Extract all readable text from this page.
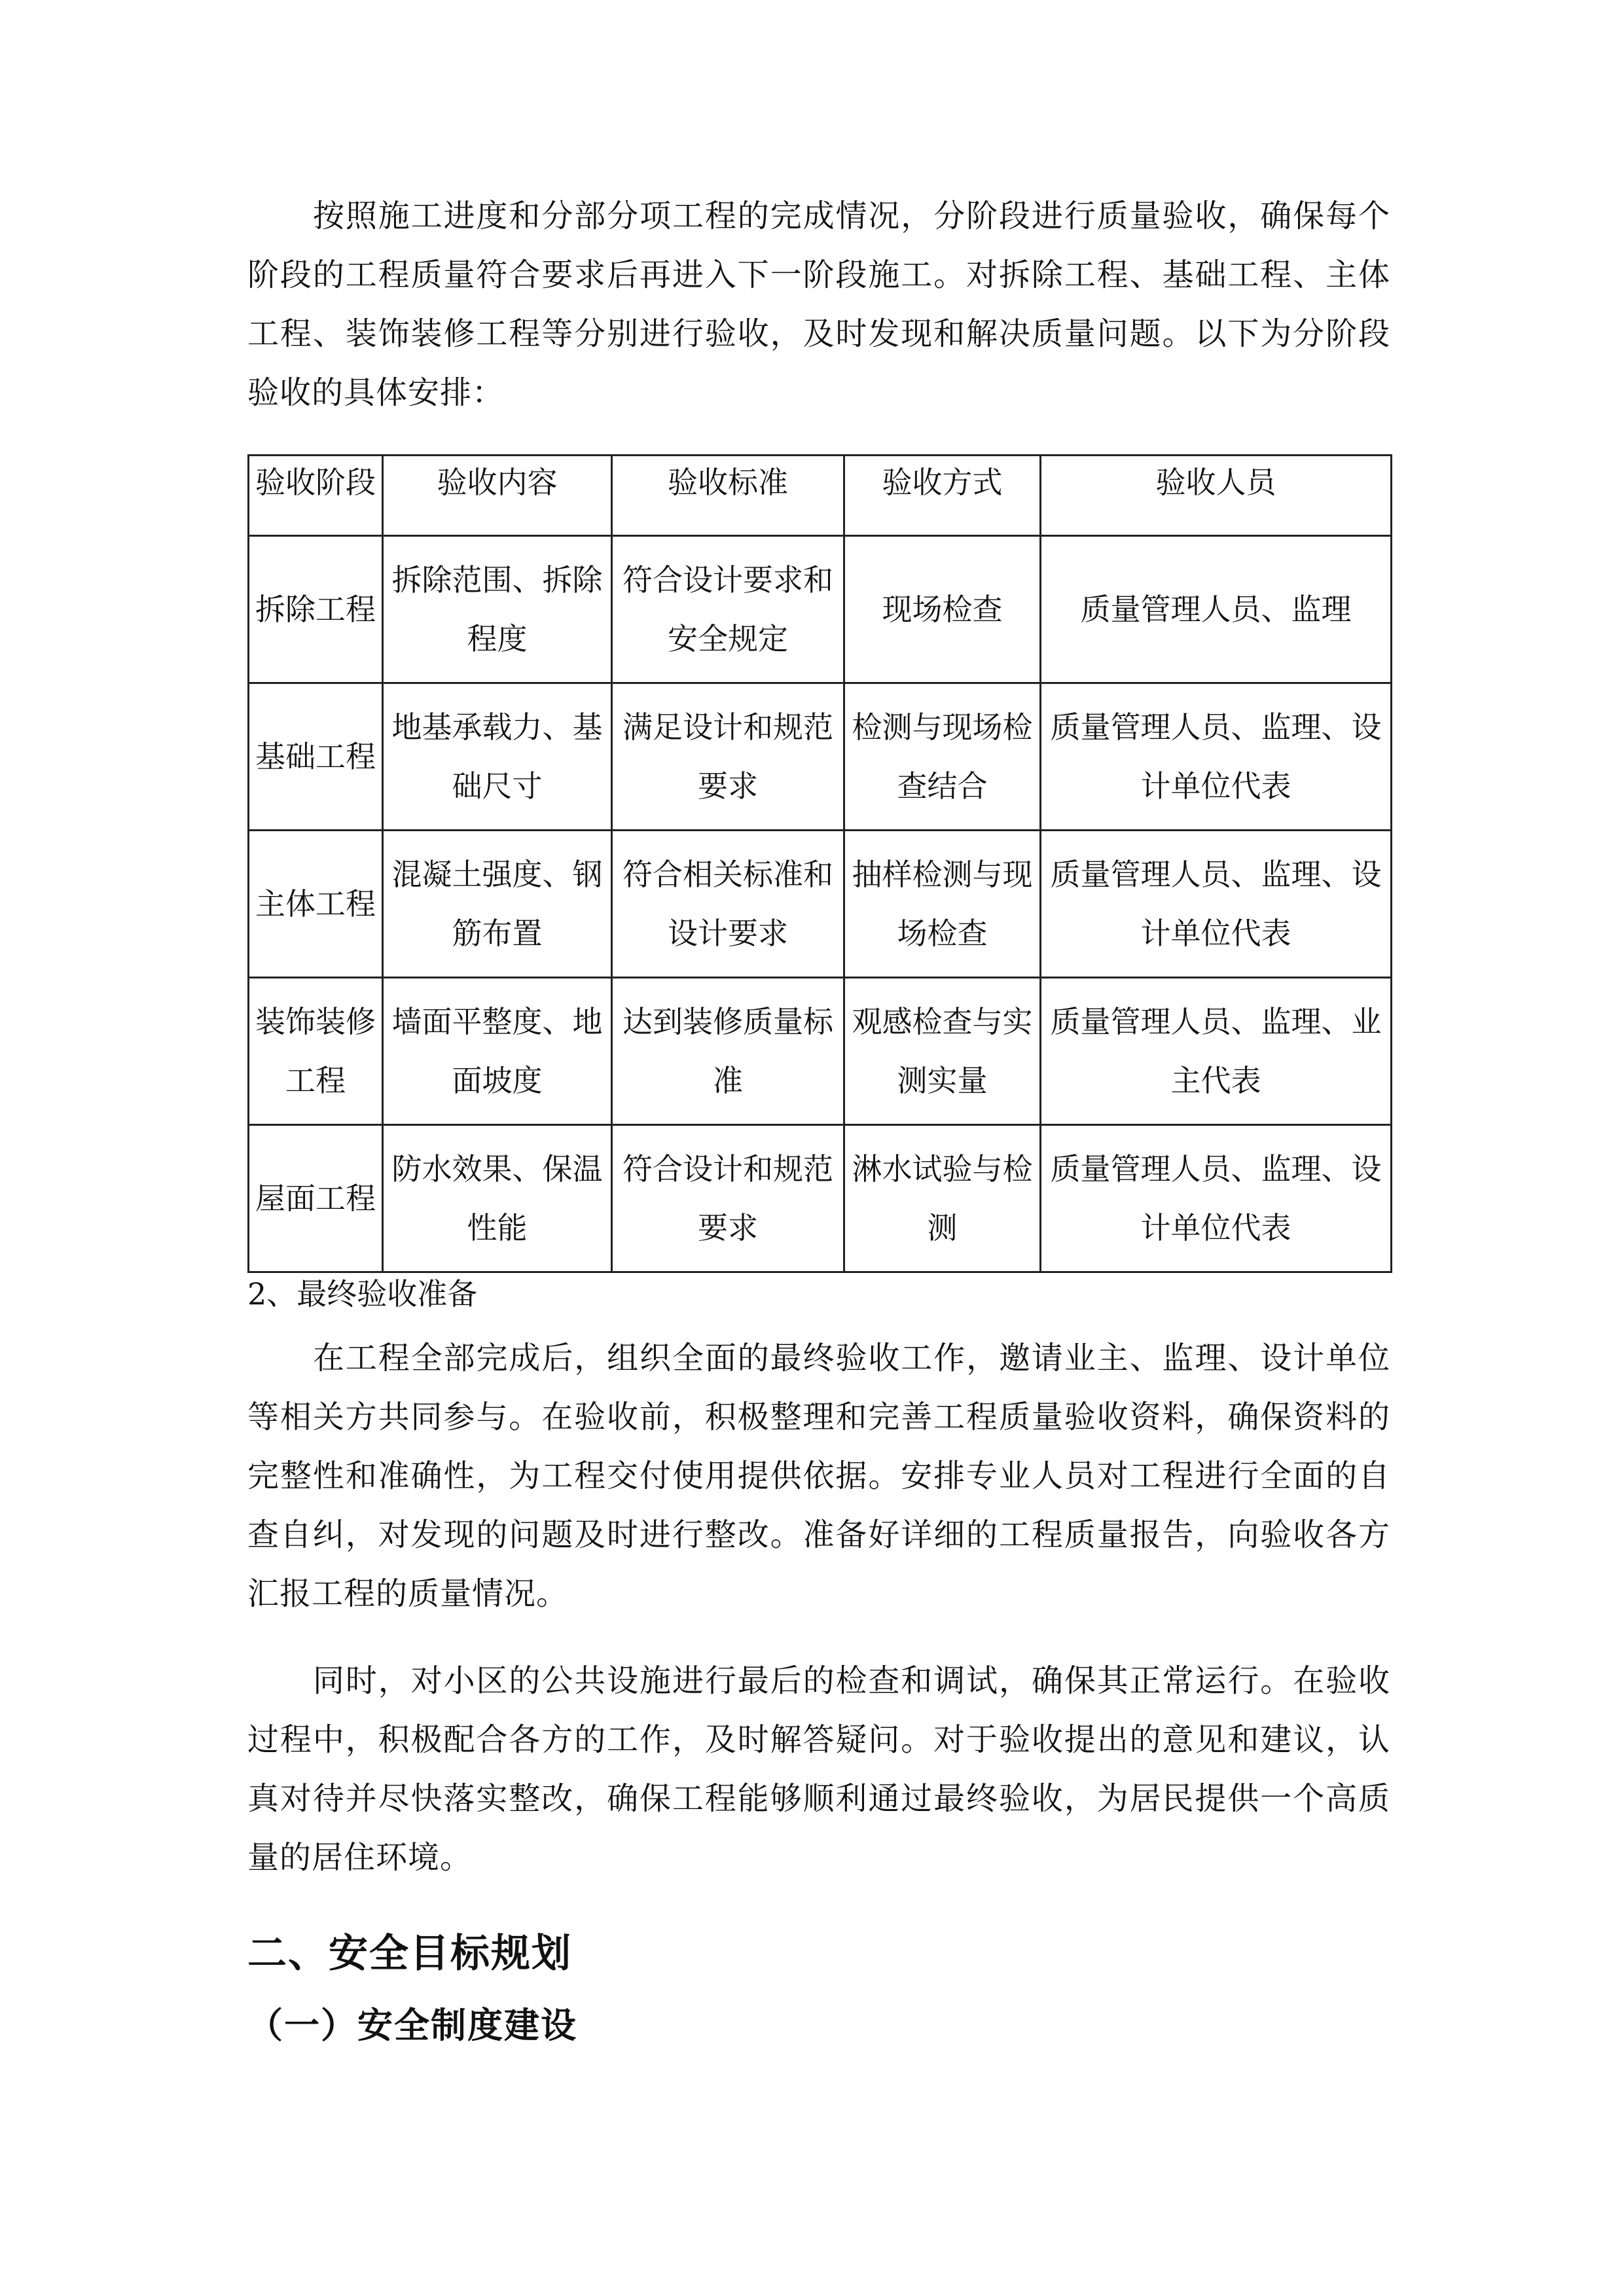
按照施工进度和分部分项工程的完成情况，分阶段进行质量验收，确保每个阶段的工程质量符合要求后再进入下一阶段施工。对拆除工程、基础工程、主体工程、装饰装修工程等分别进行验收，及时发现和解决质量问题。以下为分阶段验收的具体安排：

验收阶段	验收内容	验收标准	验收方式	验收人员
拆除工程	拆除范围、拆除程度	符合设计要求和安全规定	现场检查	质量管理人员、监理
基础工程	地基承载力、基础尺寸	满足设计和规范要求	检测与现场检查结合	质量管理人员、监理、设计单位代表
主体工程	混凝土强度、钢筋布置	符合相关标准和设计要求	抽样检测与现场检查	质量管理人员、监理、设计单位代表
装饰装修工程	墙面平整度、地面坡度	达到装修质量标准	观感检查与实测实量	质量管理人员、监理、业主代表
屋面工程	防水效果、保温性能	符合设计和规范要求	淋水试验与检测	质量管理人员、监理、设计单位代表

2、最终验收准备

在工程全部完成后，组织全面的最终验收工作，邀请业主、监理、设计单位等相关方共同参与。在验收前，积极整理和完善工程质量验收资料，确保资料的完整性和准确性，为工程交付使用提供依据。安排专业人员对工程进行全面的自查自纠，对发现的问题及时进行整改。准备好详细的工程质量报告，向验收各方汇报工程的质量情况。

同时，对小区的公共设施进行最后的检查和调试，确保其正常运行。在验收过程中，积极配合各方的工作，及时解答疑问。对于验收提出的意见和建议，认真对待并尽快落实整改，确保工程能够顺利通过最终验收，为居民提供一个高质量的居住环境。

二、安全目标规划
（一）安全制度建设
